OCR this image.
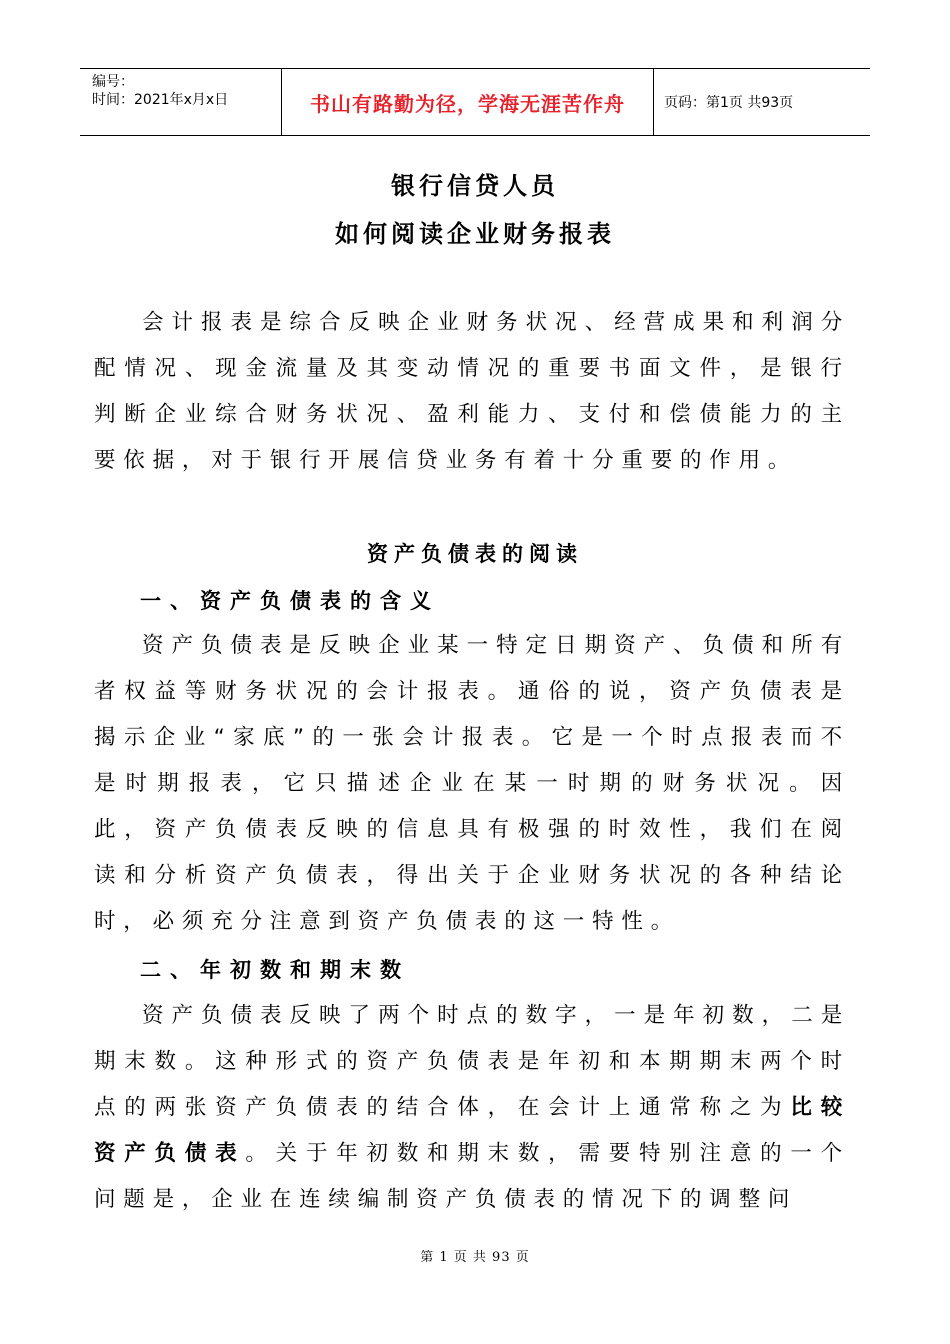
编号：
时间：2021年x月x日	书山有路勤为径，学海无涯苦作舟	页码：第1页 共93页
银行信贷人员
如何阅读企业财务报表
会计报表是综合反映企业财务状况、经营成果和利润分配情况、现金流量及其变动情况的重要书面文件，是银行判断企业综合财务状况、盈利能力、支付和偿债能力的主要依据，对于银行开展信贷业务有着十分重要的作用。
资产负债表的阅读
一、资产负债表的含义
资产负债表是反映企业某一特定日期资产、负债和所有者权益等财务状况的会计报表。通俗的说，资产负债表是揭示企业“家底”的一张会计报表。它是一个时点报表而不是时期报表，它只描述企业在某一时期的财务状况。因此，资产负债表反映的信息具有极强的时效性，我们在阅读和分析资产负债表，得出关于企业财务状况的各种结论时，必须充分注意到资产负债表的这一特性。
二、年初数和期末数
资产负债表反映了两个时点的数字，一是年初数，二是期末数。这种形式的资产负债表是年初和本期期末两个时点的两张资产负债表的结合体，在会计上通常称之为比较资产负债表。关于年初数和期末数，需要特别注意的一个问题是，企业在连续编制资产负债表的情况下的调整问
第 1 页 共 93 页
